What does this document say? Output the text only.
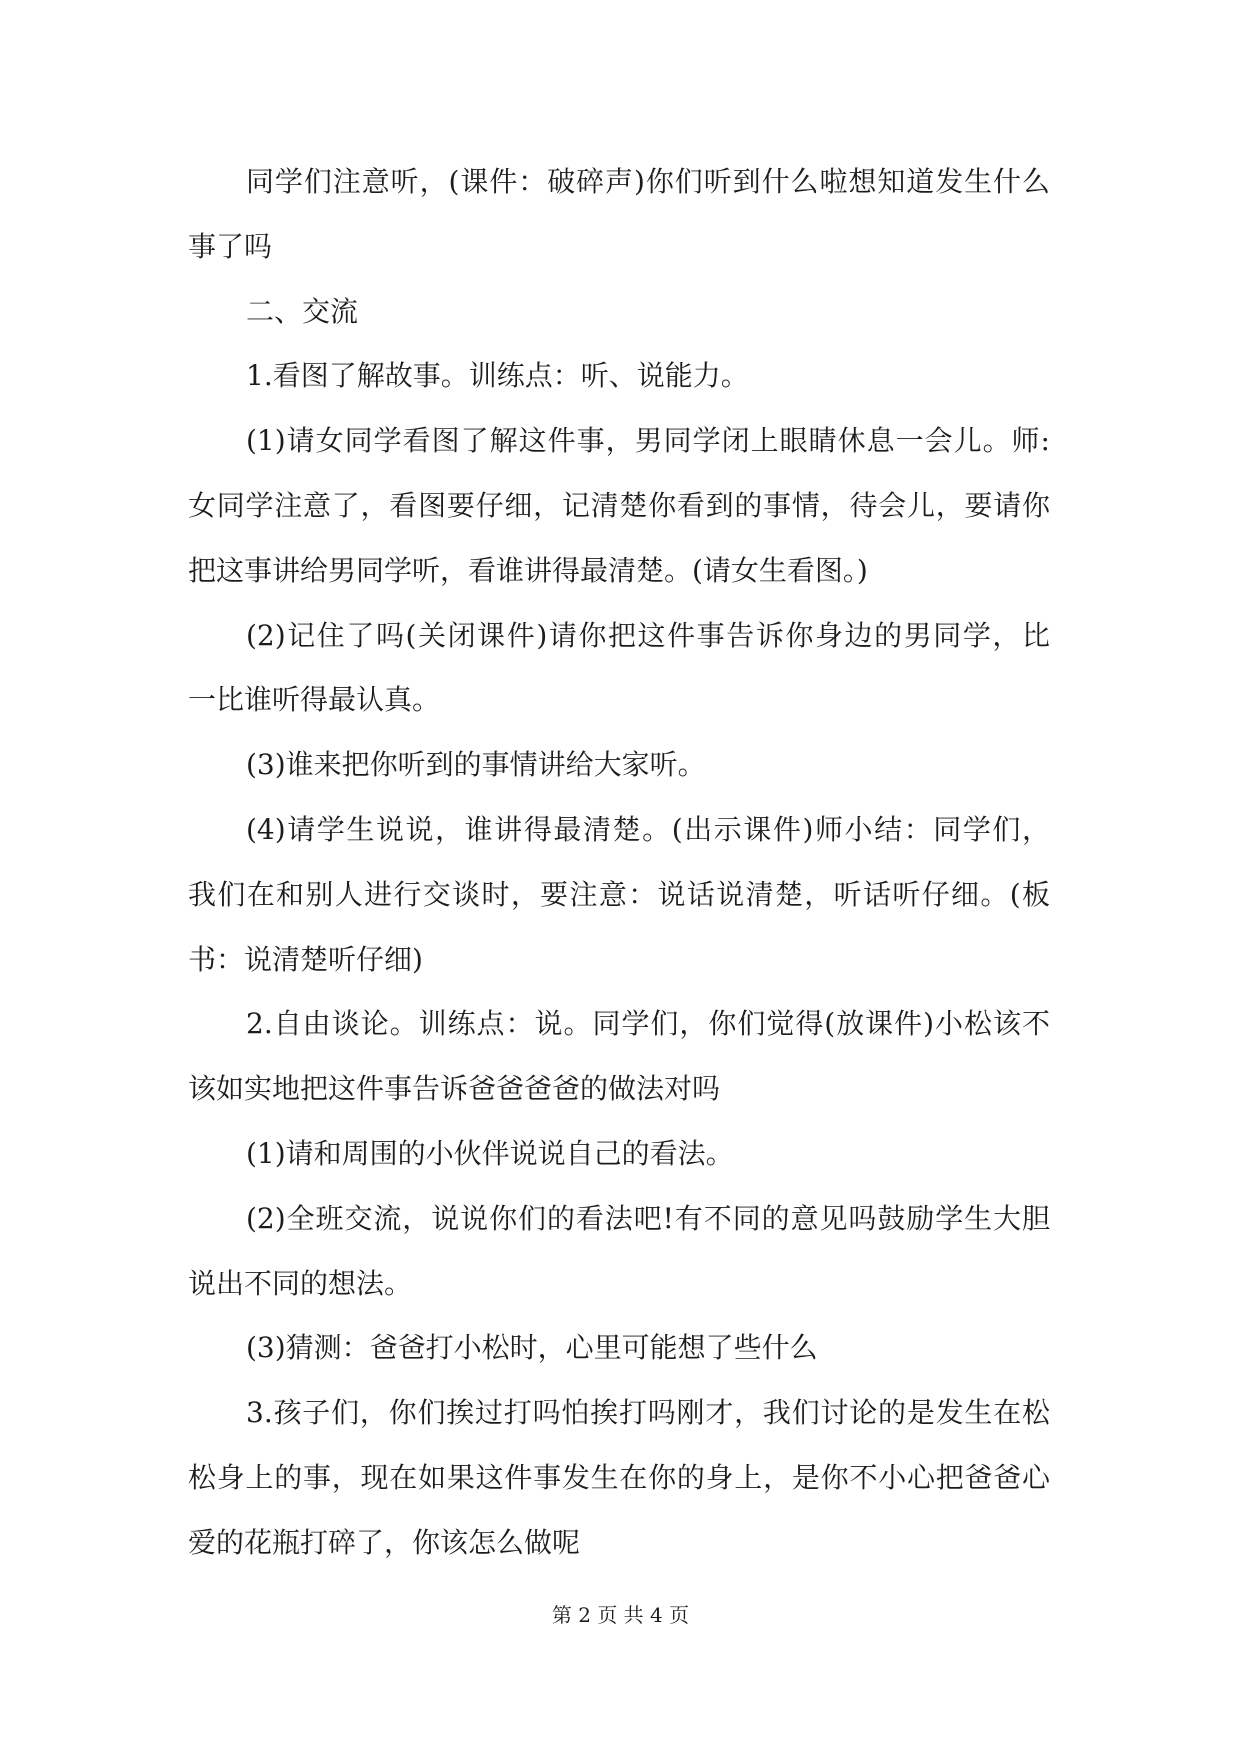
同学们注意听，(课件：破碎声)你们听到什么啦想知道发生什么
事了吗
二、交流
1.看图了解故事。训练点：听、说能力。
(1)请女同学看图了解这件事，男同学闭上眼睛休息一会儿。师:
女同学注意了，看图要仔细，记清楚你看到的事情，待会儿，要请你
把这事讲给男同学听，看谁讲得最清楚。(请女生看图。)
(2)记住了吗(关闭课件)请你把这件事告诉你身边的男同学，比
一比谁听得最认真。
(3)谁来把你听到的事情讲给大家听。
(4)请学生说说，谁讲得最清楚。(出示课件)师小结：同学们，
我们在和别人进行交谈时，要注意：说话说清楚，听话听仔细。(板
书：说清楚听仔细)
2.自由谈论。训练点：说。同学们，你们觉得(放课件)小松该不
该如实地把这件事告诉爸爸爸爸的做法对吗
(1)请和周围的小伙伴说说自己的看法。
(2)全班交流，说说你们的看法吧!有不同的意见吗鼓励学生大胆
说出不同的想法。
(3)猜测：爸爸打小松时，心里可能想了些什么
3.孩子们，你们挨过打吗怕挨打吗刚才，我们讨论的是发生在松
松身上的事，现在如果这件事发生在你的身上，是你不小心把爸爸心
爱的花瓶打碎了，你该怎么做呢
第 2 页 共 4 页
